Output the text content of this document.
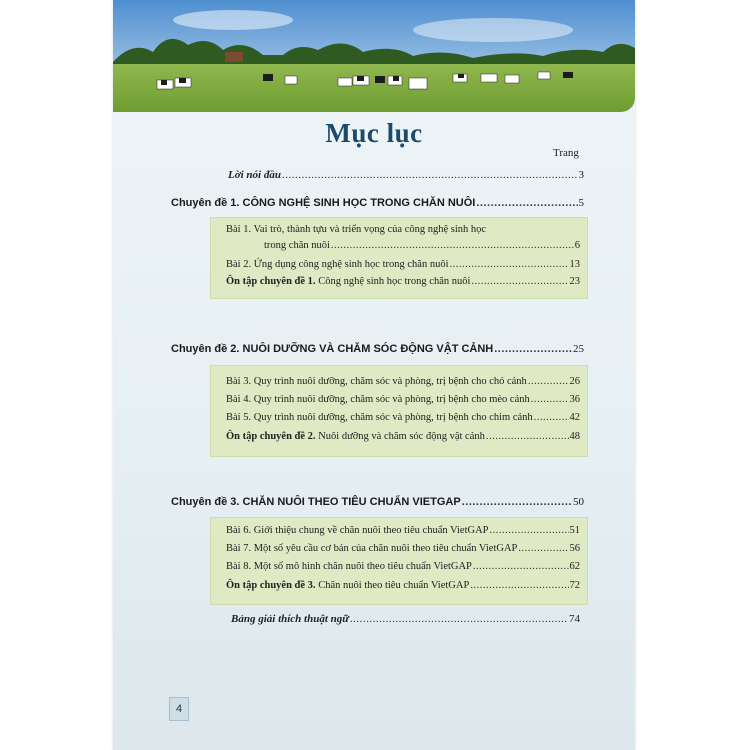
Mục lục
Trang
Lời nói đầu .....	3
Chuyên đề 1. CÔNG NGHỆ SINH HỌC TRONG CHĂN NUÔI .....	5
Bài 1. Vai trò, thành tựu và triển vọng của công nghệ sinh học
trong chăn nuôi .....	6
Bài 2. Ứng dụng công nghệ sinh học trong chăn nuôi .....	13
Ôn tập chuyên đề 1. Công nghệ sinh học trong chăn nuôi .....	23
Chuyên đề 2. NUÔI DƯỠNG VÀ CHĂM SÓC ĐỘNG VẬT CẢNH .....	25
Bài 3. Quy trình nuôi dưỡng, chăm sóc và phòng, trị bệnh cho chó cảnh .....	26
Bài 4. Quy trình nuôi dưỡng, chăm sóc và phòng, trị bệnh cho mèo cảnh .....	36
Bài 5. Quy trình nuôi dưỡng, chăm sóc và phòng, trị bệnh cho chim cảnh .....	42
Ôn tập chuyên đề 2. Nuôi dưỡng và chăm sóc động vật cảnh .....	48
Chuyên đề 3. CHĂN NUÔI THEO TIÊU CHUẨN VIETGAP .....	50
Bài 6. Giới thiệu chung về chăn nuôi theo tiêu chuẩn VietGAP .....	51
Bài 7. Một số yêu cầu cơ bản của chăn nuôi theo tiêu chuẩn VietGAP .....	56
Bài 8. Một số mô hình chăn nuôi theo tiêu chuẩn VietGAP .....	62
Ôn tập chuyên đề 3. Chăn nuôi theo tiêu chuẩn VietGAP .....	72
Bảng giải thích thuật ngữ .....	74
4
